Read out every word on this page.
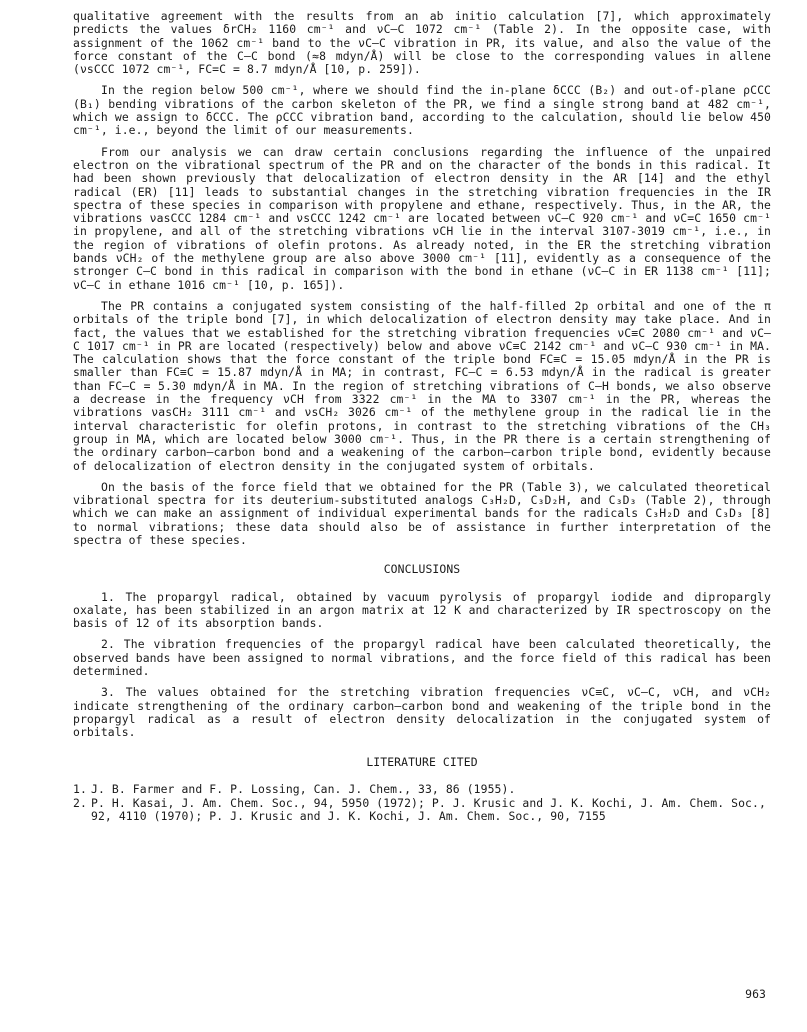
qualitative agreement with the results from an ab initio calculation [7], which approximately predicts the values δrCH₂ 1160 cm⁻¹ and νC–C 1072 cm⁻¹ (Table 2). In the opposite case, with assignment of the 1062 cm⁻¹ band to the νC–C vibration in PR, its value, and also the value of the force constant of the C–C bond (≈8 mdyn/Å) will be close to the corresponding values in allene (νsCCC 1072 cm⁻¹, FC=C = 8.7 mdyn/Å [10, p. 259]).

In the region below 500 cm⁻¹, where we should find the in-plane δCCC (B₂) and out-of-plane ρCCC (B₁) bending vibrations of the carbon skeleton of the PR, we find a single strong band at 482 cm⁻¹, which we assign to δCCC. The ρCCC vibration band, according to the calculation, should lie below 450 cm⁻¹, i.e., beyond the limit of our measurements.

From our analysis we can draw certain conclusions regarding the influence of the unpaired electron on the vibrational spectrum of the PR and on the character of the bonds in this radical. It had been shown previously that delocalization of electron density in the AR [14] and the ethyl radical (ER) [11] leads to substantial changes in the stretching vibration frequencies in the IR spectra of these species in comparison with propylene and ethane, respectively. Thus, in the AR, the vibrations νasCCC 1284 cm⁻¹ and νsCCC 1242 cm⁻¹ are located between νC–C 920 cm⁻¹ and νC=C 1650 cm⁻¹ in propylene, and all of the stretching vibrations νCH lie in the interval 3107-3019 cm⁻¹, i.e., in the region of vibrations of olefin protons. As already noted, in the ER the stretching vibration bands νCH₂ of the methylene group are also above 3000 cm⁻¹ [11], evidently as a consequence of the stronger C–C bond in this radical in comparison with the bond in ethane (νC–C in ER 1138 cm⁻¹ [11]; νC–C in ethane 1016 cm⁻¹ [10, p. 165]).

The PR contains a conjugated system consisting of the half-filled 2p orbital and one of the π orbitals of the triple bond [7], in which delocalization of electron density may take place. And in fact, the values that we established for the stretching vibration frequencies νC≡C 2080 cm⁻¹ and νC–C 1017 cm⁻¹ in PR are located (respectively) below and above νC≡C 2142 cm⁻¹ and νC–C 930 cm⁻¹ in MA. The calculation shows that the force constant of the triple bond FC≡C = 15.05 mdyn/Å in the PR is smaller than FC≡C = 15.87 mdyn/Å in MA; in contrast, FC–C = 6.53 mdyn/Å in the radical is greater than FC–C = 5.30 mdyn/Å in MA. In the region of stretching vibrations of C–H bonds, we also observe a decrease in the frequency νCH from 3322 cm⁻¹ in the MA to 3307 cm⁻¹ in the PR, whereas the vibrations νasCH₂ 3111 cm⁻¹ and νsCH₂ 3026 cm⁻¹ of the methylene group in the radical lie in the interval characteristic for olefin protons, in contrast to the stretching vibrations of the CH₃ group in MA, which are located below 3000 cm⁻¹. Thus, in the PR there is a certain strengthening of the ordinary carbon–carbon bond and a weakening of the carbon–carbon triple bond, evidently because of delocalization of electron density in the conjugated system of orbitals.

On the basis of the force field that we obtained for the PR (Table 3), we calculated theoretical vibrational spectra for its deuterium-substituted analogs C₃H₂D, C₃D₂H, and C₃D₃ (Table 2), through which we can make an assignment of individual experimental bands for the radicals C₃H₂D and C₃D₃ [8] to normal vibrations; these data should also be of assistance in further interpretation of the spectra of these species.

CONCLUSIONS
1. The propargyl radical, obtained by vacuum pyrolysis of propargyl iodide and dipropargly oxalate, has been stabilized in an argon matrix at 12 K and characterized by IR spectroscopy on the basis of 12 of its absorption bands.
2. The vibration frequencies of the propargyl radical have been calculated theoretically, the observed bands have been assigned to normal vibrations, and the force field of this radical has been determined.
3. The values obtained for the stretching vibration frequencies νC≡C, νC–C, νCH, and νCH₂ indicate strengthening of the ordinary carbon–carbon bond and weakening of the triple bond in the propargyl radical as a result of electron density delocalization in the conjugated system of orbitals.
LITERATURE CITED
1. J. B. Farmer and F. P. Lossing, Can. J. Chem., 33, 86 (1955).
2. P. H. Kasai, J. Am. Chem. Soc., 94, 5950 (1972); P. J. Krusic and J. K. Kochi, J. Am. Chem. Soc., 92, 4110 (1970); P. J. Krusic and J. K. Kochi, J. Am. Chem. Soc., 90, 7155
963
